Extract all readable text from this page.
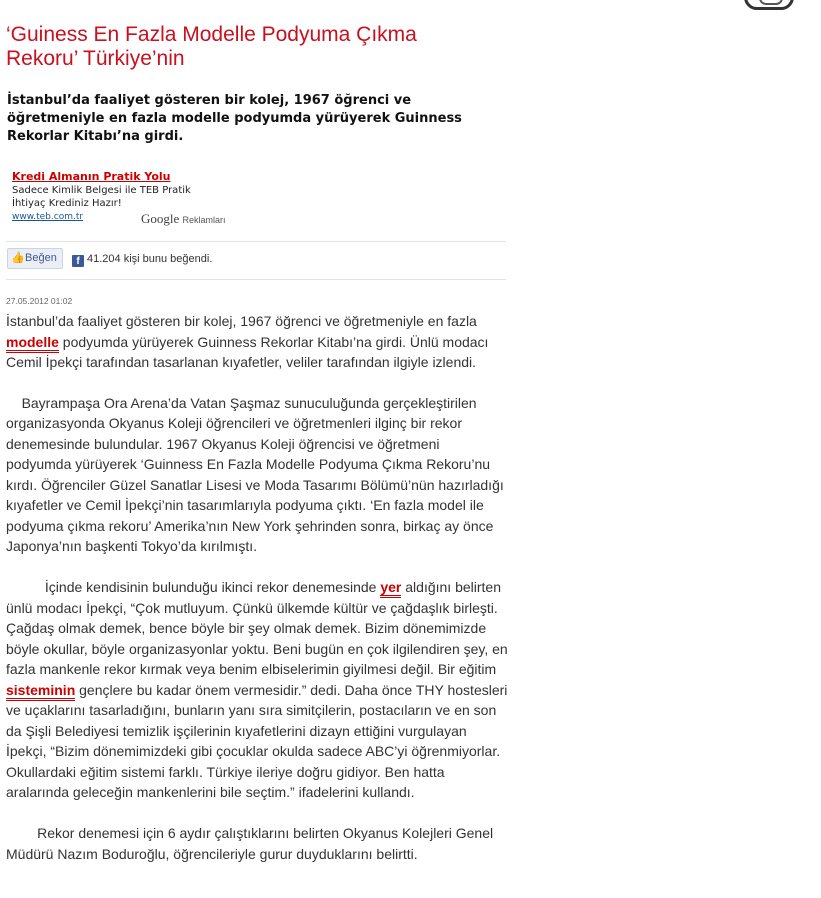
‘Guiness En Fazla Modelle Podyuma Çıkma
Rekoru’ Türkiye’nin

İstanbul’da faaliyet gösteren bir kolej, 1967 öğrenci ve öğretmeniyle en fazla modelle podyumda yürüyerek Guinness Rekorlar Kitabı’na girdi.

Kredi Almanın Pratik Yolu
Sadece Kimlik Belgesi ile TEB Pratik
İhtiyaç Krediniz Hazır!
www.teb.com.tr	Google Reklamları
👍Beğen	f 41.204 kişi bunu beğendi.
27.05.2012 01:02

İstanbul’da faaliyet gösteren bir kolej, 1967 öğrenci ve öğretmeniyle en fazla modelle podyumda yürüyerek Guinness Rekorlar Kitabı’na girdi. Ünlü modacı Cemil İpekçi tarafından tasarlanan kıyafetler, veliler tarafından ilgiyle izlendi.

Bayrampaşa Ora Arena’da Vatan Şaşmaz sunuculuğunda gerçekleştirilen organizasyonda Okyanus Koleji öğrencileri ve öğretmenleri ilginç bir rekor denemesinde bulundular. 1967 Okyanus Koleji öğrencisi ve öğretmeni podyumda yürüyerek ‘Guinness En Fazla Modelle Podyuma Çıkma Rekoru’nu kırdı. Öğrenciler Güzel Sanatlar Lisesi ve Moda Tasarımı Bölümü’nün hazırladığı kıyafetler ve Cemil İpekçi’nin tasarımlarıyla podyuma çıktı. ‘En fazla model ile podyuma çıkma rekoru’ Amerika’nın New York şehrinden sonra, birkaç ay önce Japonya’nın başkenti Tokyo’da kırılmıştı.

İçinde kendisinin bulunduğu ikinci rekor denemesinde yer aldığını belirten ünlü modacı İpekçi, “Çok mutluyum. Çünkü ülkemde kültür ve çağdaşlık birleşti. Çağdaş olmak demek, bence böyle bir şey olmak demek. Bizim dönemimizde böyle okullar, böyle organizasyonlar yoktu. Beni bugün en çok ilgilendiren şey, en fazla mankenle rekor kırmak veya benim elbiselerimin giyilmesi değil. Bir eğitim sisteminin gençlere bu kadar önem vermesidir.” dedi. Daha önce THY hostesleri ve uçaklarını tasarladığını, bunların yanı sıra simitçilerin, postacıların ve en son da Şişli Belediyesi temizlik işçilerinin kıyafetlerini dizayn ettiğini vurgulayan İpekçi, “Bizim dönemimizdeki gibi çocuklar okulda sadece ABC’yi öğrenmiyorlar. Okullardaki eğitim sistemi farklı. Türkiye ileriye doğru gidiyor. Ben hatta aralarında geleceğin mankenlerini bile seçtim.” ifadelerini kullandı.

Rekor denemesi için 6 aydır çalıştıklarını belirten Okyanus Kolejleri Genel Müdürü Nazım Boduroğlu, öğrencileriyle gurur duyduklarını belirtti.
